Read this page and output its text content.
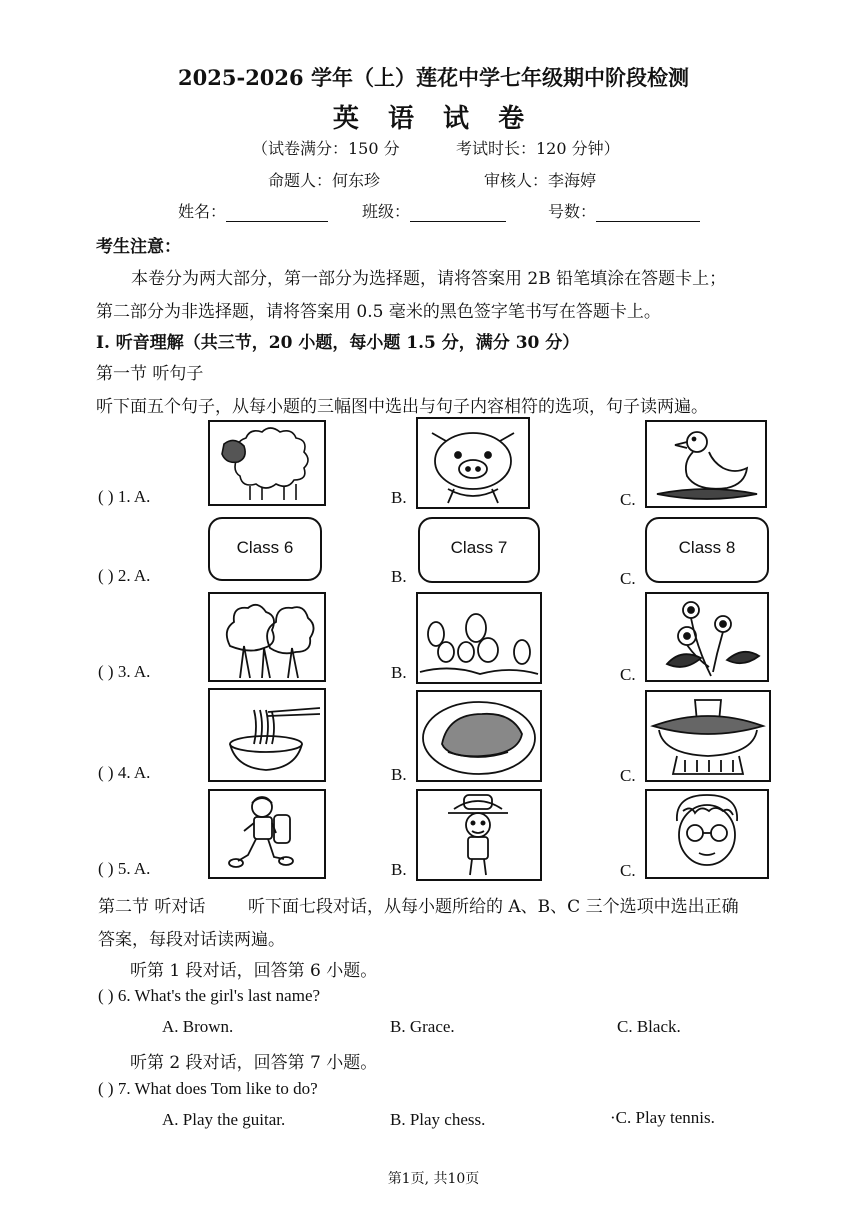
2025-2026 学年（上）莲花中学七年级期中阶段检测
英 语 试 卷
（试卷满分：150 分	考试时长：120 分钟）
命题人：何东珍	审核人：李海婷
姓名：	班级：	号数：
考生注意：
本卷分为两大部分，第一部分为选择题，请将答案用 2B 铅笔填涂在答题卡上；
第二部分为非选择题，请将答案用 0.5 毫米的黑色签字笔书写在答题卡上。
I. 听音理解（共三节，20 小题，每小题 1.5 分，满分 30 分）
第一节 听句子
听下面五个句子，从每小题的三幅图中选出与句子内容相符的选项，句子读两遍。
( ) 1. A.	B.	C.
( ) 2. A.
Class 6
B.
Class 7
C.
Class 8
( ) 3. A.	B.	C.
( ) 4. A.	B.	C.
( ) 5. A.	B.	C.
第二节 听对话	听下面七段对话，从每小题所给的 A、B、C 三个选项中选出正确
答案，每段对话读两遍。
听第 1 段对话，回答第 6 小题。
( ) 6. What's the girl's last name?
A. Brown.	B. Grace.	C. Black.
听第 2 段对话，回答第 7 小题。
( ) 7. What does Tom like to do?
A. Play the guitar.	B. Play chess.	·C. Play tennis.
第1页, 共10页
